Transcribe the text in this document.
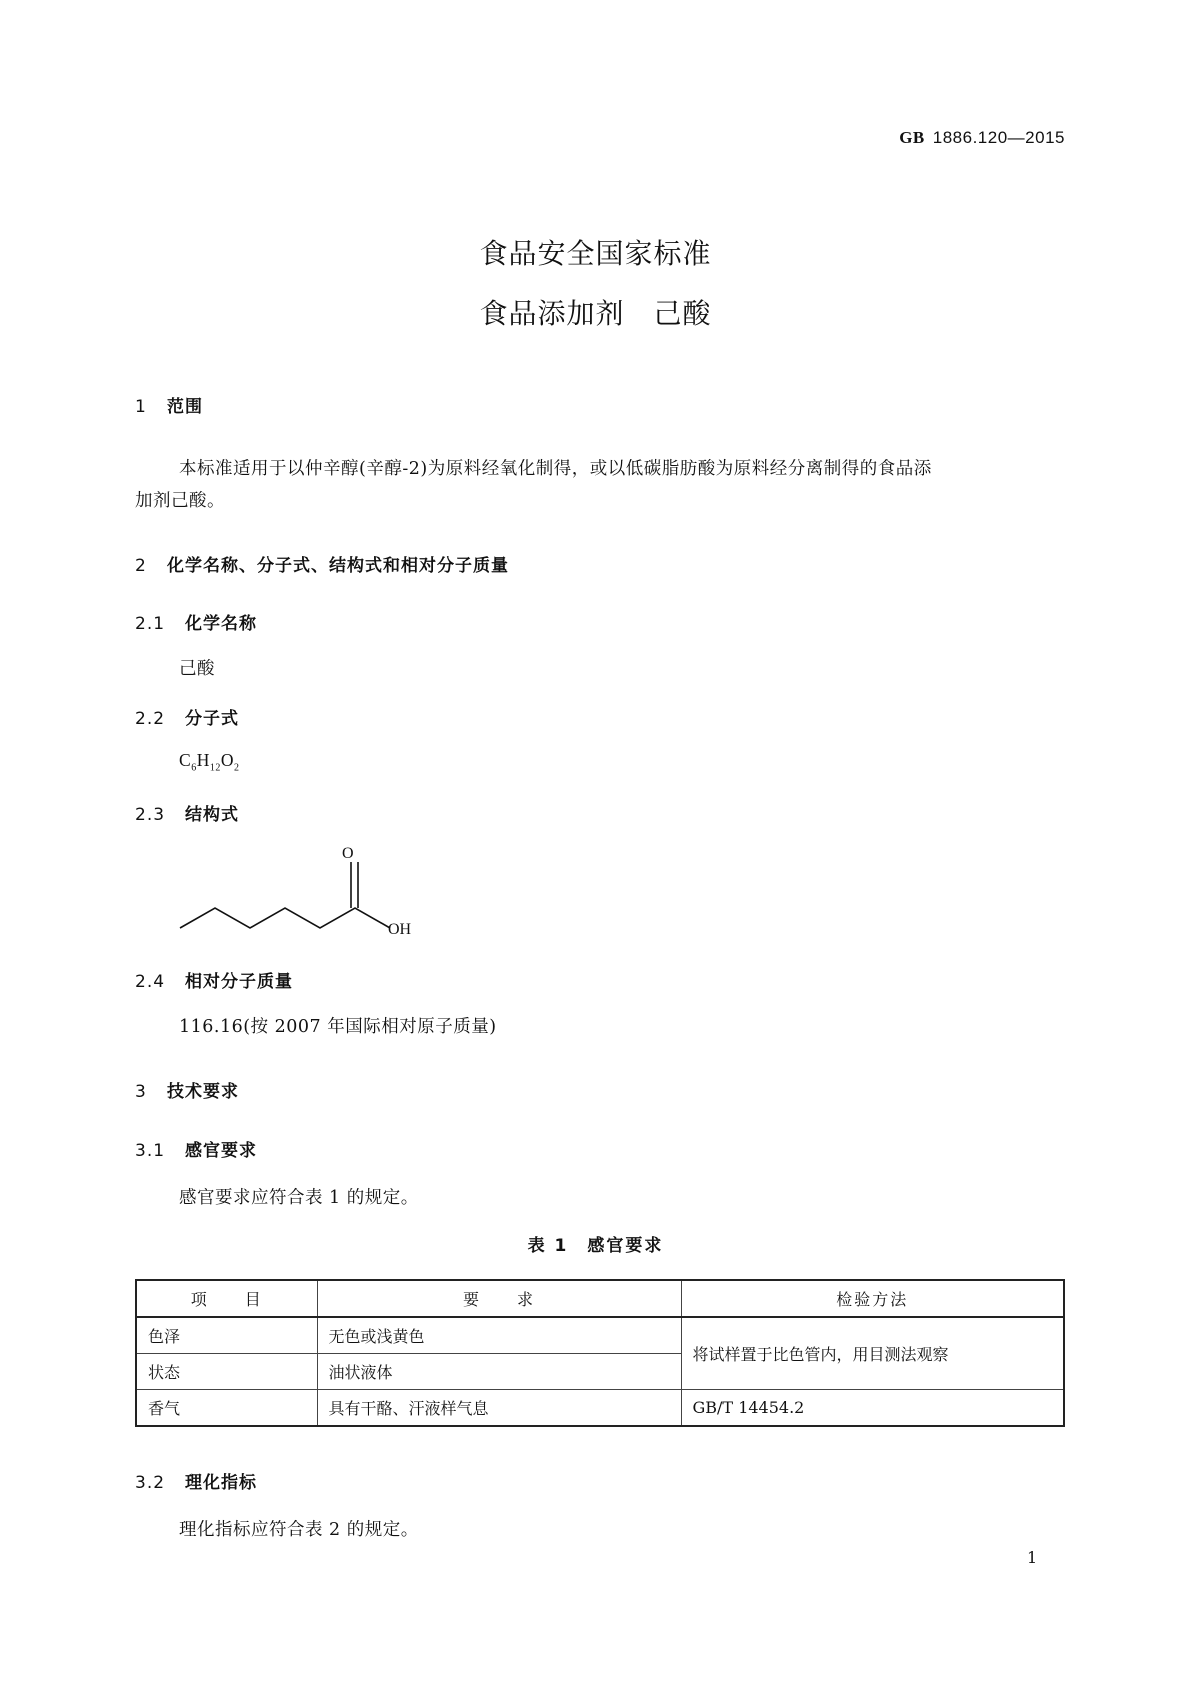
GB 1886.120—2015
食品安全国家标准
食品添加剂　己酸
1 范围
本标准适用于以仲辛醇(辛醇-2)为原料经氧化制得，或以低碳脂肪酸为原料经分离制得的食品添
加剂己酸。
2 化学名称、分子式、结构式和相对分子质量
2.1 化学名称
己酸
2.2 分子式
$C_6H_{12}O_2$
2.3 结构式
O
OH
2.4 相对分子质量
116.16(按 2007 年国际相对原子质量)
3 技术要求
3.1 感官要求
感官要求应符合表 1 的规定。
表 1　感官要求
项　　目	要　　求	检验方法
色泽	无色或浅黄色	将试样置于比色管内，用目测法观察
状态	油状液体	
香气	具有干酪、汗液样气息	GB/T 14454.2
3.2 理化指标
理化指标应符合表 2 的规定。
1
